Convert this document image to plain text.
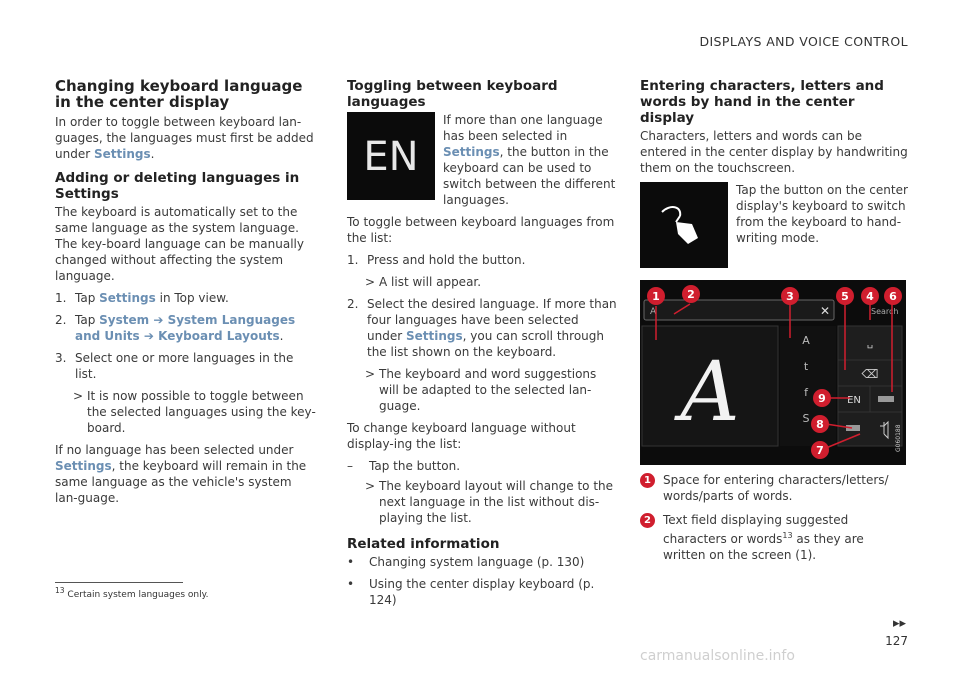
DISPLAYS AND VOICE CONTROL
Changing keyboard language in the center display

In order to toggle between keyboard lan-guages, the languages must first be added under Settings.

Adding or deleting languages in Settings

The keyboard is automatically set to the same language as the system language. The key-board language can be manually changed without affecting the system language.

1. Tap Settings in Top view.
2. Tap System ➔ System Languages and Units ➔ Keyboard Layouts.
3. Select one or more languages in the list.
> It is now possible to toggle between the selected languages using the key-board.

If no language has been selected under Settings, the keyboard will remain in the same language as the vehicle's system lan-guage.

Toggling between keyboard languages
EN

If more than one language has been selected in Settings, the button in the keyboard can be used to switch between the different languages.

To toggle between keyboard languages from the list:

1. Press and hold the button.
> A list will appear.
2. Select the desired language. If more than four languages have been selected under Settings, you can scroll through the list shown on the keyboard.
> The keyboard and word suggestions will be adapted to the selected lan-guage.

To change keyboard language without display-ing the list:

–	Tap the button.
> The keyboard layout will change to the next language in the list without dis-playing the list.
Related information
•	Changing system language (p. 130)
•	Using the center display keyboard (p. 124)
Entering characters, letters and words by hand in the center display

Characters, letters and words can be entered in the center display by handwriting them on the touchscreen.

Tap the button on the center display's keyboard to switch from the keyboard to hand-writing mode.

A	✕	Search
A
A
t
f
S
␣
⌫
EN
G060188
1 2	3	5 4 6
9
8
7
1	Space for entering characters/letters/ words/parts of words.
2	Text field displaying suggested characters or words$^{13}$ as they are written on the screen (1).
$^{13}$ Certain system languages only.
▸▸
127
carmanualsonline.info
